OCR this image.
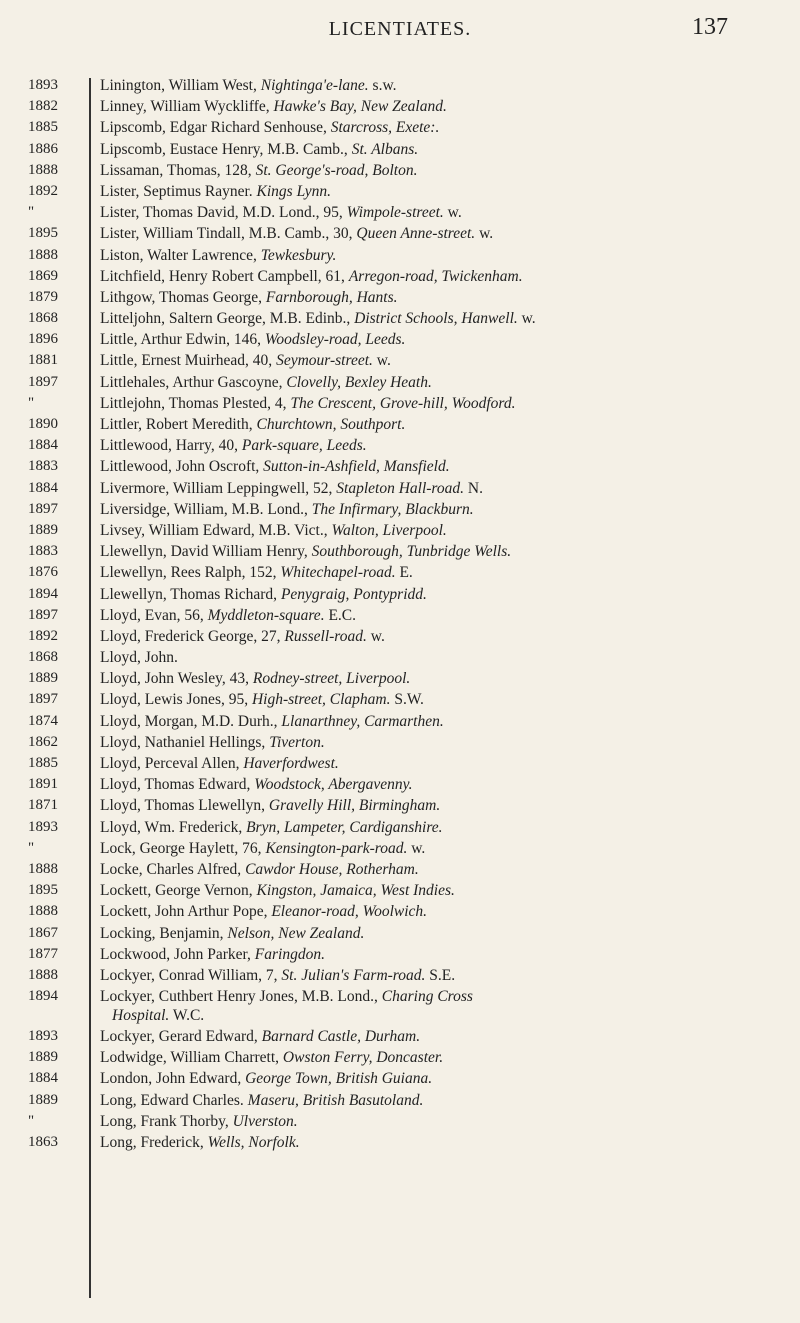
LICENTIATES.	137
1893	Linington, William West, Nightinga'e-lane. s.w.
1882	Linney, William Wyckliffe, Hawke's Bay, New Zealand.
1885	Lipscomb, Edgar Richard Senhouse, Starcross, Exete:.
1886	Lipscomb, Eustace Henry, M.B. Camb., St. Albans.
1888	Lissaman, Thomas, 128, St. George's-road, Bolton.
1892	Lister, Septimus Rayner. Kings Lynn.
"	Lister, Thomas David, M.D. Lond., 95, Wimpole-street. w.
1895	Lister, William Tindall, M.B. Camb., 30, Queen Anne-street. w.
1888	Liston, Walter Lawrence, Tewkesbury.
1869	Litchfield, Henry Robert Campbell, 61, Arregon-road, Twickenham.
1879	Lithgow, Thomas George, Farnborough, Hants.
1868	Litteljohn, Saltern George, M.B. Edinb., District Schools, Hanwell. w.
1896	Little, Arthur Edwin, 146, Woodsley-road, Leeds.
1881	Little, Ernest Muirhead, 40, Seymour-street. w.
1897	Littlehales, Arthur Gascoyne, Clovelly, Bexley Heath.
"	Littlejohn, Thomas Plested, 4, The Crescent, Grove-hill, Woodford.
1890	Littler, Robert Meredith, Churchtown, Southport.
1884	Littlewood, Harry, 40, Park-square, Leeds.
1883	Littlewood, John Oscroft, Sutton-in-Ashfield, Mansfield.
1884	Livermore, William Leppingwell, 52, Stapleton Hall-road. N.
1897	Liversidge, William, M.B. Lond., The Infirmary, Blackburn.
1889	Livsey, William Edward, M.B. Vict., Walton, Liverpool.
1883	Llewellyn, David William Henry, Southborough, Tunbridge Wells.
1876	Llewellyn, Rees Ralph, 152, Whitechapel-road. E.
1894	Llewellyn, Thomas Richard, Penygraig, Pontypridd.
1897	Lloyd, Evan, 56, Myddleton-square. E.C.
1892	Lloyd, Frederick George, 27, Russell-road. w.
1868	Lloyd, John.
1889	Lloyd, John Wesley, 43, Rodney-street, Liverpool.
1897	Lloyd, Lewis Jones, 95, High-street, Clapham. S.W.
1874	Lloyd, Morgan, M.D. Durh., Llanarthney, Carmarthen.
1862	Lloyd, Nathaniel Hellings, Tiverton.
1885	Lloyd, Perceval Allen, Haverfordwest.
1891	Lloyd, Thomas Edward, Woodstock, Abergavenny.
1871	Lloyd, Thomas Llewellyn, Gravelly Hill, Birmingham.
1893	Lloyd, Wm. Frederick, Bryn, Lampeter, Cardiganshire.
"	Lock, George Haylett, 76, Kensington-park-road. w.
1888	Locke, Charles Alfred, Cawdor House, Rotherham.
1895	Lockett, George Vernon, Kingston, Jamaica, West Indies.
1888	Lockett, John Arthur Pope, Eleanor-road, Woolwich.
1867	Locking, Benjamin, Nelson, New Zealand.
1877	Lockwood, John Parker, Faringdon.
1888	Lockyer, Conrad William, 7, St. Julian's Farm-road. S.E.
1894	Lockyer, Cuthbert Henry Jones, M.B. Lond., Charing Cross
Hospital. W.C.
1893	Lockyer, Gerard Edward, Barnard Castle, Durham.
1889	Lodwidge, William Charrett, Owston Ferry, Doncaster.
1884	London, John Edward, George Town, British Guiana.
1889	Long, Edward Charles. Maseru, British Basutoland.
"	Long, Frank Thorby, Ulverston.
1863	Long, Frederick, Wells, Norfolk.
